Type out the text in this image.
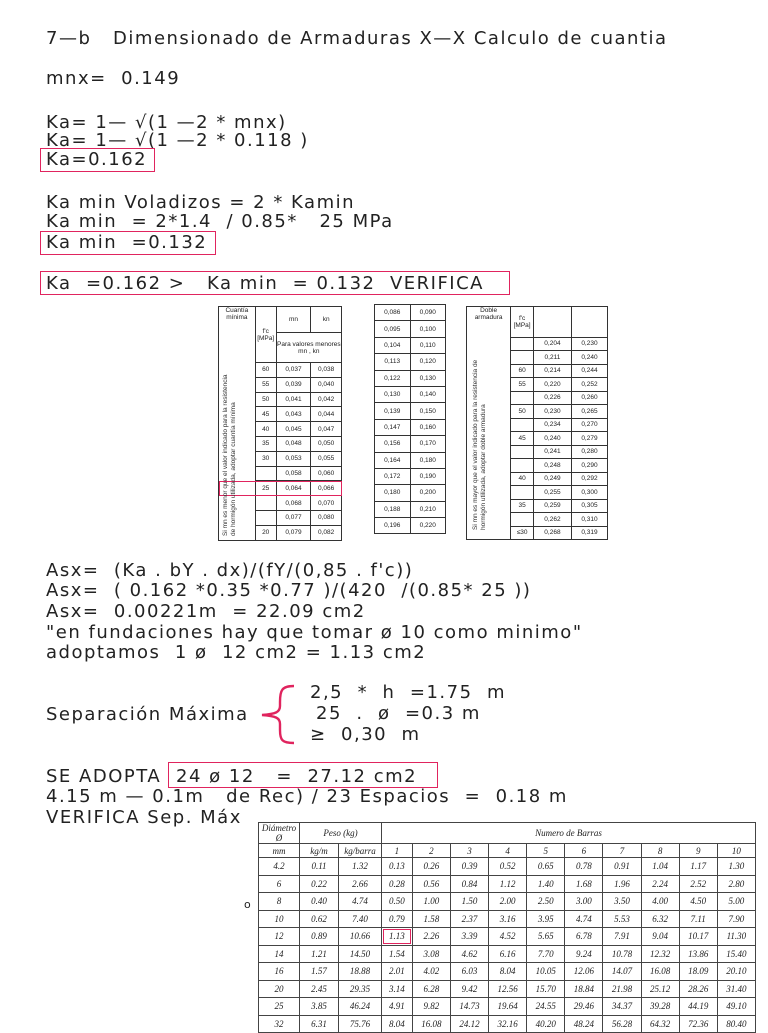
7—b   Dimensionado de Armaduras X—X Calculo de cuantia
mnx=  0.149
Ka= 1— √(1 —2 * mnx)
Ka= 1— √(1 —2 * 0.118 )
Ka=0.162
Ka min Voladizos = 2 * Kamin
Ka min  = 2*1.4  / 0.85*   25 MPa
Ka min  =0.132
Ka  =0.162 >   Ka min  = 0.132  VERIFICA
Cuantía mínima	f'c [MPa]	mn	kn
		Para valores menores mn , kn	
	60	0,037	0,038
	55	0,039	0,040
	50	0,041	0,042
	45	0,043	0,044
	40	0,045	0,047
	35	0,048	0,050
	30	0,053	0,055
		0,058	0,060
	25	0,064	0,066
		0,068	0,070
		0,077	0,080
	20	0,079	0,082
Si mn es menor que el valor indicado para la resistencia de hormigón utilizada, adoptar cuantía mínima
0,086	0,090
0,095	0,100
0,104	0,110
0,113	0,120
0,122	0,130
0,130	0,140
0,139	0,150
0,147	0,160
0,156	0,170
0,164	0,180
0,172	0,190
0,180	0,200
0,188	0,210
0,196	0,220
Doble armadura	f'c [MPa]		
		0,204	0,230
		0,211	0,240
	60	0,214	0,244
	55	0,220	0,252
		0,226	0,260
	50	0,230	0,265
		0,234	0,270
	45	0,240	0,279
		0,241	0,280
		0,248	0,290
	40	0,249	0,292
		0,255	0,300
	35	0,259	0,305
		0,262	0,310
	≤30	0,268	0,319
Si mn es mayor que el valor indicado para la resistencia de hormigón utilizada, adoptar doble armadura
Asx=  (Ka . bY . dx)/(fY/(0,85 . f'c))
Asx=  ( 0.162 *0.35 *0.77 )/(420  /(0.85* 25 ))
Asx=  0.00221m  = 22.09 cm2
"en fundaciones hay que tomar ø 10 como minimo"
adoptamos  1 ø  12 cm2 = 1.13 cm2
Separación Máxima
2,5  *  h  =1.75  m
25  .  ø  =0.3 m
≥  0,30  m
SE ADOPTA 24 ø 12   =  27.12 cm2
4.15 m — 0.1m   de Rec) / 23 Espacios  =  0.18 m
VERIFICA Sep. Máx Diámetro Ø	Peso (kg)		Numero de Barras									
mm	kg/m	kg/barra	1	2	3	4	5	6	7	8	9	10
4.2	0.11	1.32	0.13	0.26	0.39	0.52	0.65	0.78	0.91	1.04	1.17	1.30
6	0.22	2.66	0.28	0.56	0.84	1.12	1.40	1.68	1.96	2.24	2.52	2.80
8	0.40	4.74	0.50	1.00	1.50	2.00	2.50	3.00	3.50	4.00	4.50	5.00
10	0.62	7.40	0.79	1.58	2.37	3.16	3.95	4.74	5.53	6.32	7.11	7.90
12	0.89	10.66	1.13	2.26	3.39	4.52	5.65	6.78	7.91	9.04	10.17	11.30
14	1.21	14.50	1.54	3.08	4.62	6.16	7.70	9.24	10.78	12.32	13.86	15.40
16	1.57	18.88	2.01	4.02	6.03	8.04	10.05	12.06	14.07	16.08	18.09	20.10
20	2.45	29.35	3.14	6.28	9.42	12.56	15.70	18.84	21.98	25.12	28.26	31.40
25	3.85	46.24	4.91	9.82	14.73	19.64	24.55	29.46	34.37	39.28	44.19	49.10
32	6.31	75.76	8.04	16.08	24.12	32.16	40.20	48.24	56.28	64.32	72.36	80.40
o
